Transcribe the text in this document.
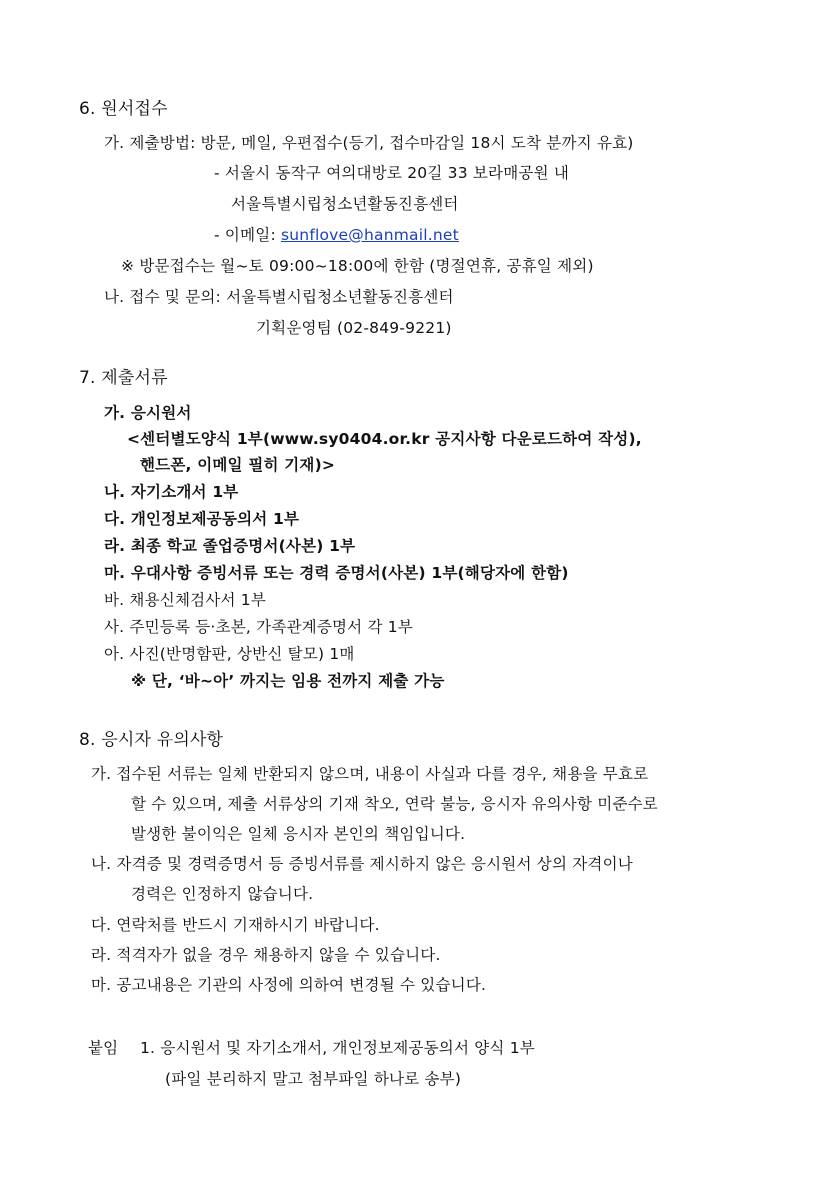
6. 원서접수
가. 제출방법: 방문, 메일, 우편접수(등기, 접수마감일 18시 도착 분까지 유효)
- 서울시 동작구 여의대방로 20길 33 보라매공원 내
서울특별시립청소년활동진흥센터
- 이메일: sunflove@hanmail.net
※ 방문접수는 월~토 09:00~18:00에 한함 (명절연휴, 공휴일 제외)
나. 접수 및 문의: 서울특별시립청소년활동진흥센터
기획운영팀 (02-849-9221)
7. 제출서류
가. 응시원서
<센터별도양식 1부(www.sy0404.or.kr 공지사항 다운로드하여 작성),
핸드폰, 이메일 필히 기재)>
나. 자기소개서 1부
다. 개인정보제공동의서 1부
라. 최종 학교 졸업증명서(사본) 1부
마. 우대사항 증빙서류 또는 경력 증명서(사본) 1부(해당자에 한함)
바. 채용신체검사서 1부
사. 주민등록 등·초본, 가족관계증명서 각 1부
아. 사진(반명함판, 상반신 탈모) 1매
※ 단, ‘바~아’ 까지는 임용 전까지 제출 가능
8. 응시자 유의사항
가. 접수된 서류는 일체 반환되지 않으며, 내용이 사실과 다를 경우, 채용을 무효로
할 수 있으며, 제출 서류상의 기재 착오, 연락 불능, 응시자 유의사항 미준수로
발생한 불이익은 일체 응시자 본인의 책임입니다.
나. 자격증 및 경력증명서 등 증빙서류를 제시하지 않은 응시원서 상의 자격이나
경력은 인정하지 않습니다.
다. 연락처를 반드시 기재하시기 바랍니다.
라. 적격자가 없을 경우 채용하지 않을 수 있습니다.
마. 공고내용은 기관의 사정에 의하여 변경될 수 있습니다.
붙임 1. 응시원서 및 자기소개서, 개인정보제공동의서 양식 1부
(파일 분리하지 말고 첨부파일 하나로 송부)
